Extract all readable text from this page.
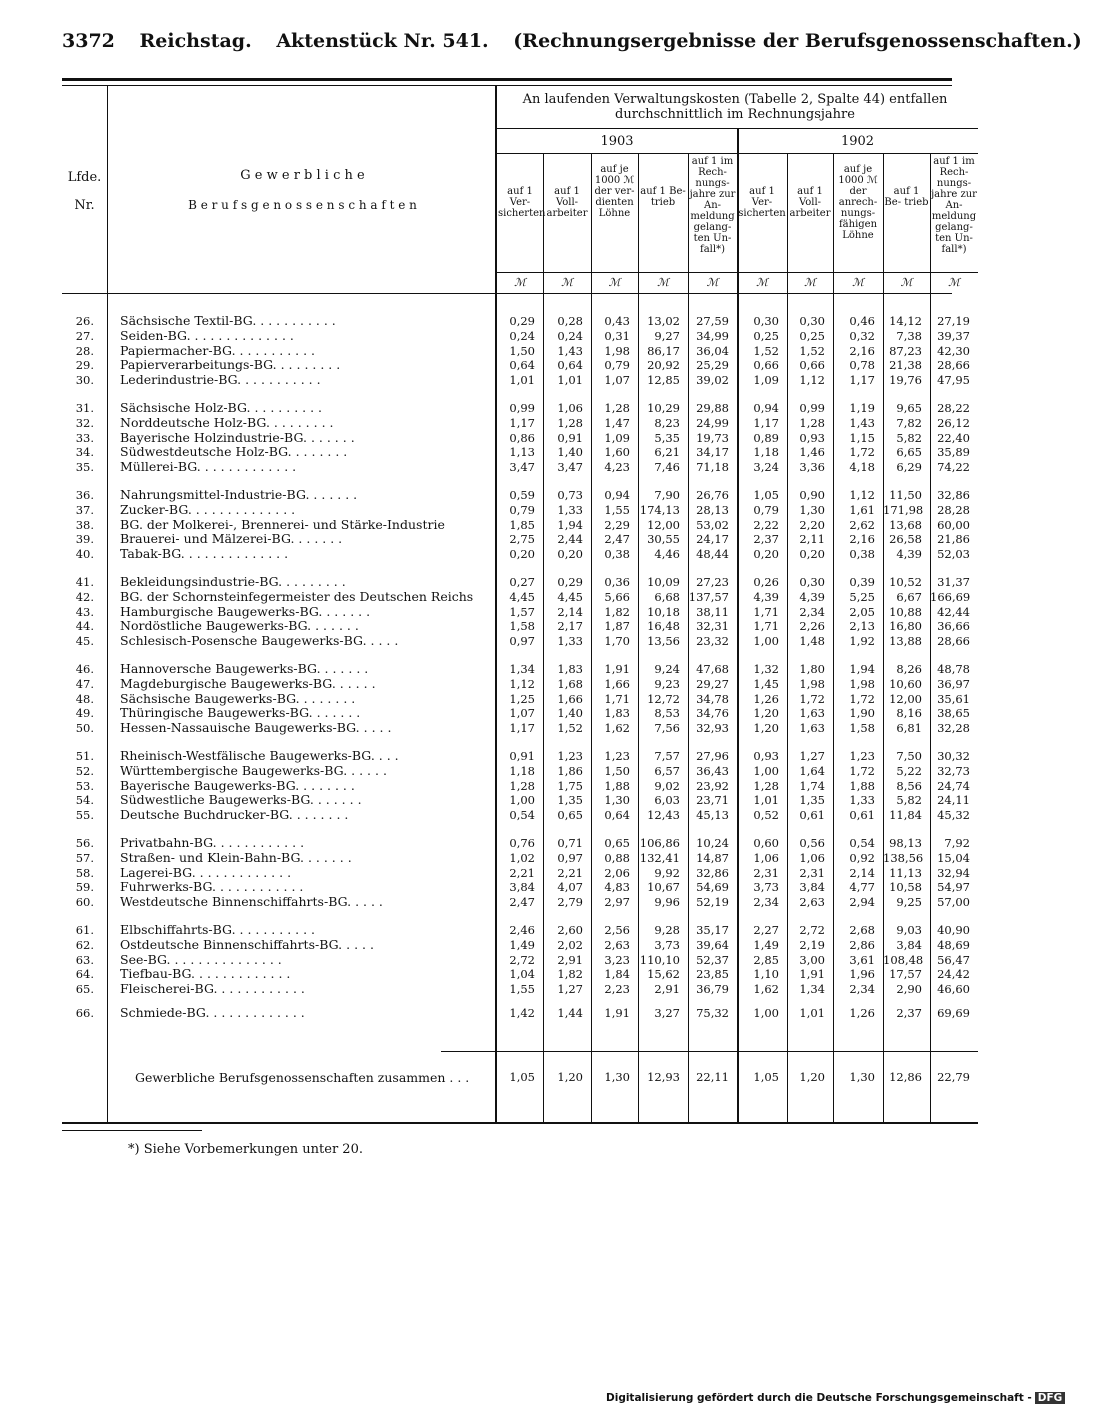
3372 Reichstag. Aktenstück Nr. 541. (Rechnungsergebnisse der Berufsgenossenschaften.)
An laufenden Verwaltungskosten (Tabelle 2, Spalte 44) entfallen durchschnittlich im Rechnungsjahre
1903	1902
Lfde.
Nr.
G e w e r b l i c h e
B e r u f s g e n o s s e n s c h a f t e n
auf 1 Ver- sicherten
ℳ
auf 1 Voll- arbeiter
ℳ
auf je 1000 ℳ der ver- dienten Löhne
ℳ
auf 1 Be- trieb
ℳ
auf 1 im Rech- nungs- jahre zur An- meldung gelang- ten Un- fall*)
ℳ
auf 1 Ver- sicherten
ℳ
auf 1 Voll- arbeiter
ℳ
auf je 1000 ℳ der anrech- nungs- fähigen Löhne
ℳ
auf 1 Be- trieb
ℳ
auf 1 im Rech- nungs- jahre zur An- meldung gelang- ten Un- fall*)
ℳ
26. Sächsische Textil-BG. . . . . . . . . . .	0,29	0,28	0,43	13,02	27,59	0,30	0,30	0,46	14,12	27,19
27. Seiden-BG. . . . . . . . . . . . . .	0,24	0,24	0,31	9,27	34,99	0,25	0,25	0,32	7,38	39,37
28. Papiermacher-BG. . . . . . . . . . .	1,50	1,43	1,98	86,17	36,04	1,52	1,52	2,16	87,23	42,30
29. Papierverarbeitungs-BG. . . . . . . . .	0,64	0,64	0,79	20,92	25,29	0,66	0,66	0,78	21,38	28,66
30. Lederindustrie-BG. . . . . . . . . . .	1,01	1,01	1,07	12,85	39,02	1,09	1,12	1,17	19,76	47,95
31. Sächsische Holz-BG. . . . . . . . . .	0,99	1,06	1,28	10,29	29,88	0,94	0,99	1,19	9,65	28,22
32. Norddeutsche Holz-BG. . . . . . . . .	1,17	1,28	1,47	8,23	24,99	1,17	1,28	1,43	7,82	26,12
33. Bayerische Holzindustrie-BG. . . . . . .	0,86	0,91	1,09	5,35	19,73	0,89	0,93	1,15	5,82	22,40
34. Südwestdeutsche Holz-BG. . . . . . . .	1,13	1,40	1,60	6,21	34,17	1,18	1,46	1,72	6,65	35,89
35. Müllerei-BG. . . . . . . . . . . . .	3,47	3,47	4,23	7,46	71,18	3,24	3,36	4,18	6,29	74,22
36. Nahrungsmittel-Industrie-BG. . . . . . .	0,59	0,73	0,94	7,90	26,76	1,05	0,90	1,12	11,50	32,86
37. Zucker-BG. . . . . . . . . . . . . .	0,79	1,33	1,55 174,13	28,13	0,79	1,30	1,61 171,98	28,28
38. BG. der Molkerei-, Brennerei- und Stärke-Industrie	1,85	1,94	2,29	12,00	53,02	2,22	2,20	2,62	13,68	60,00
39. Brauerei- und Mälzerei-BG. . . . . . .	2,75	2,44	2,47	30,55	24,17	2,37	2,11	2,16	26,58	21,86
40. Tabak-BG. . . . . . . . . . . . . .	0,20	0,20	0,38	4,46	48,44	0,20	0,20	0,38	4,39	52,03
41. Bekleidungsindustrie-BG. . . . . . . . .	0,27	0,29	0,36	10,09	27,23	0,26	0,30	0,39	10,52	31,37
42. BG. der Schornsteinfegermeister des Deutschen Reichs	4,45	4,45	5,66	6,68 137,57	4,39	4,39	5,25	6,67 166,69
43. Hamburgische Baugewerks-BG. . . . . . .	1,57	2,14	1,82	10,18	38,11	1,71	2,34	2,05	10,88	42,44
44. Nordöstliche Baugewerks-BG. . . . . . .	1,58	2,17	1,87	16,48	32,31	1,71	2,26	2,13	16,80	36,66
45. Schlesisch-Posensche Baugewerks-BG. . . . .	0,97	1,33	1,70	13,56	23,32	1,00	1,48	1,92	13,88	28,66
46. Hannoversche Baugewerks-BG. . . . . . .	1,34	1,83	1,91	9,24	47,68	1,32	1,80	1,94	8,26	48,78
47. Magdeburgische Baugewerks-BG. . . . . .	1,12	1,68	1,66	9,23	29,27	1,45	1,98	1,98	10,60	36,97
48. Sächsische Baugewerks-BG. . . . . . . .	1,25	1,66	1,71	12,72	34,78	1,26	1,72	1,72	12,00	35,61
49. Thüringische Baugewerks-BG. . . . . . .	1,07	1,40	1,83	8,53	34,76	1,20	1,63	1,90	8,16	38,65
50. Hessen-Nassauische Baugewerks-BG. . . . .	1,17	1,52	1,62	7,56	32,93	1,20	1,63	1,58	6,81	32,28
51. Rheinisch-Westfälische Baugewerks-BG. . . .	0,91	1,23	1,23	7,57	27,96	0,93	1,27	1,23	7,50	30,32
52. Württembergische Baugewerks-BG. . . . . .	1,18	1,86	1,50	6,57	36,43	1,00	1,64	1,72	5,22	32,73
53. Bayerische Baugewerks-BG. . . . . . . .	1,28	1,75	1,88	9,02	23,92	1,28	1,74	1,88	8,56	24,74
54. Südwestliche Baugewerks-BG. . . . . . .	1,00	1,35	1,30	6,03	23,71	1,01	1,35	1,33	5,82	24,11
55. Deutsche Buchdrucker-BG. . . . . . . .	0,54	0,65	0,64	12,43	45,13	0,52	0,61	0,61	11,84	45,32
56. Privatbahn-BG. . . . . . . . . . . .	0,76	0,71	0,65 106,86	10,24	0,60	0,56	0,54	98,13	7,92
57. Straßen- und Klein-Bahn-BG. . . . . . .	1,02	0,97	0,88 132,41	14,87	1,06	1,06	0,92 138,56	15,04
58. Lagerei-BG. . . . . . . . . . . . .	2,21	2,21	2,06	9,92	32,86	2,31	2,31	2,14	11,13	32,94
59. Fuhrwerks-BG. . . . . . . . . . . .	3,84	4,07	4,83	10,67	54,69	3,73	3,84	4,77	10,58	54,97
60. Westdeutsche Binnenschiffahrts-BG. . . . .	2,47	2,79	2,97	9,96	52,19	2,34	2,63	2,94	9,25	57,00
61. Elbschiffahrts-BG. . . . . . . . . . .	2,46	2,60	2,56	9,28	35,17	2,27	2,72	2,68	9,03	40,90
62. Ostdeutsche Binnenschiffahrts-BG. . . . .	1,49	2,02	2,63	3,73	39,64	1,49	2,19	2,86	3,84	48,69
63. See-BG. . . . . . . . . . . . . . .	2,72	2,91	3,23 110,10	52,37	2,85	3,00	3,61 108,48	56,47
64. Tiefbau-BG. . . . . . . . . . . . .	1,04	1,82	1,84	15,62	23,85	1,10	1,91	1,96	17,57	24,42
65. Fleischerei-BG. . . . . . . . . . . .	1,55	1,27	2,23	2,91	36,79	1,62	1,34	2,34	2,90	46,60
66. Schmiede-BG. . . . . . . . . . . . .	1,42	1,44	1,91	3,27	75,32	1,00	1,01	1,26	2,37	69,69
Gewerbliche Berufsgenossenschaften zusammen . . .	1,05	1,20	1,30	12,93	22,11	1,05	1,20	1,30	12,86	22,79
*) Siehe Vorbemerkungen unter 20.
Digitalisierung gefördert durch die Deutsche Forschungsgemeinschaft - DFG
